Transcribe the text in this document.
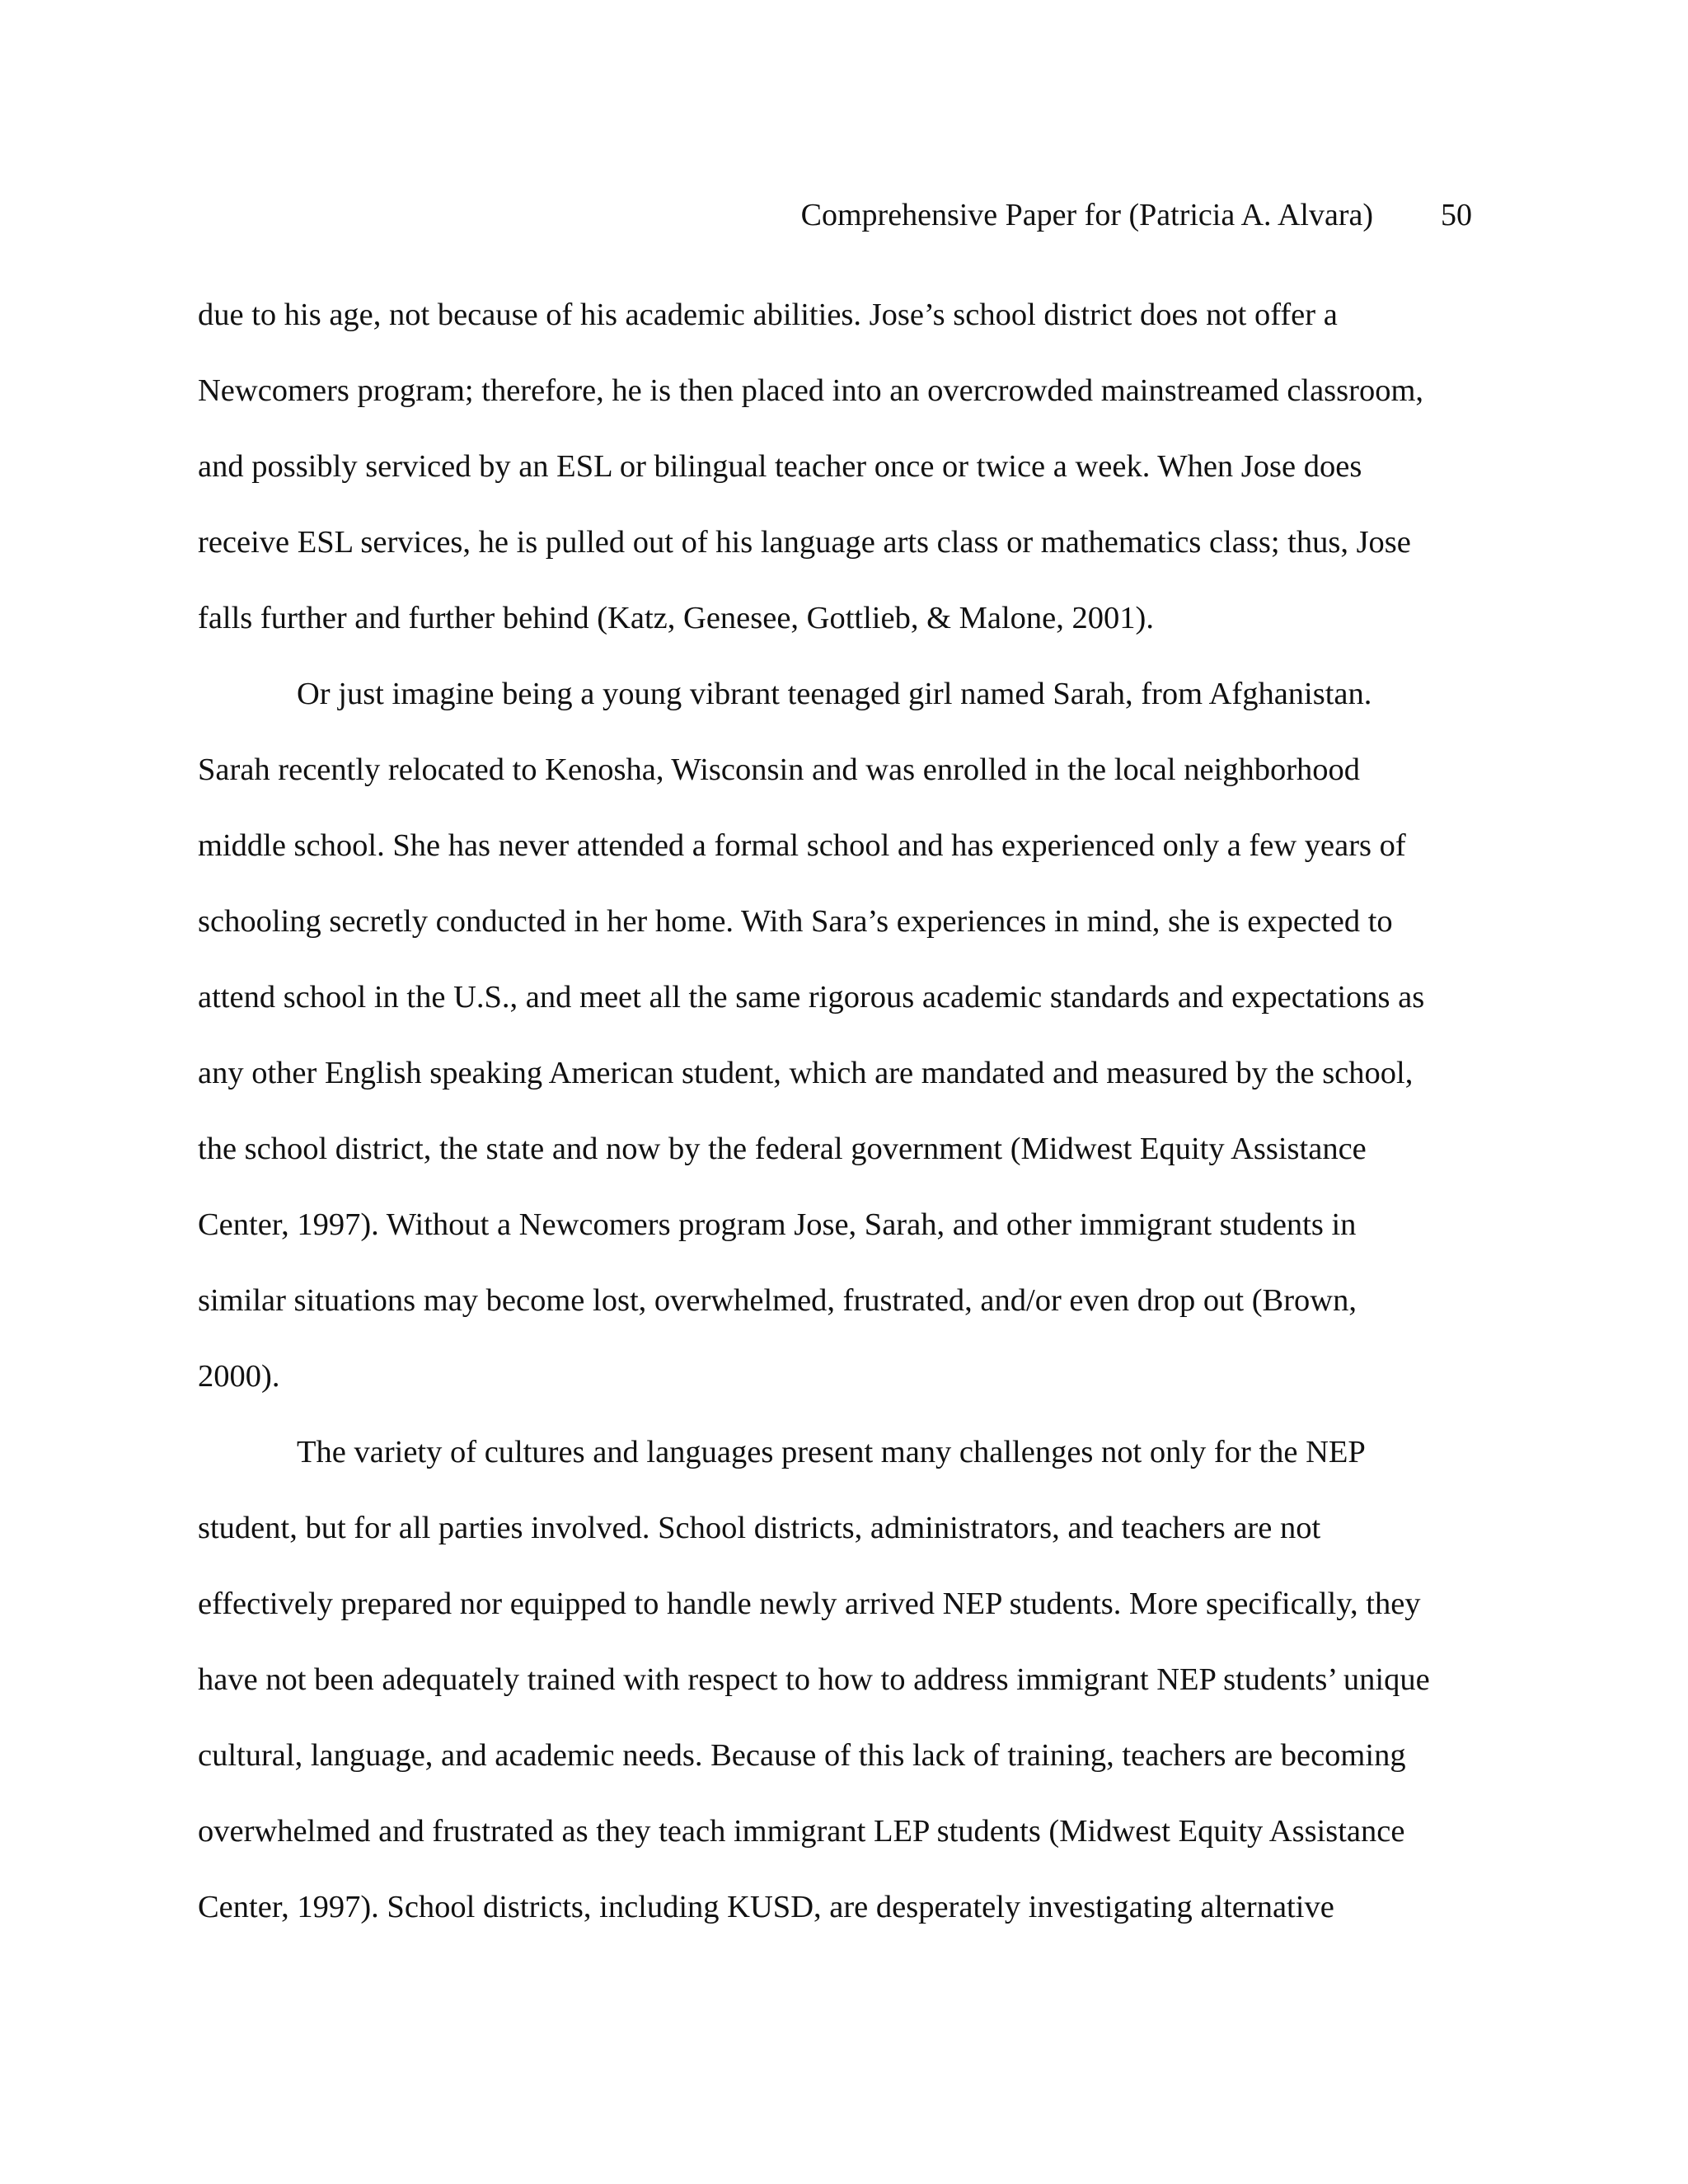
Comprehensive Paper for (Patricia A. Alvara) 50
due to his age, not because of his academic abilities. Jose’s school district does not offer a
Newcomers program; therefore, he is then placed into an overcrowded mainstreamed classroom,
and possibly serviced by an ESL or bilingual teacher once or twice a week. When Jose does
receive ESL services, he is pulled out of his language arts class or mathematics class; thus, Jose
falls further and further behind (Katz, Genesee, Gottlieb, & Malone, 2001).
Or just imagine being a young vibrant teenaged girl named Sarah, from Afghanistan.
Sarah recently relocated to Kenosha, Wisconsin and was enrolled in the local neighborhood
middle school. She has never attended a formal school and has experienced only a few years of
schooling secretly conducted in her home. With Sara’s experiences in mind, she is expected to
attend school in the U.S., and meet all the same rigorous academic standards and expectations as
any other English speaking American student, which are mandated and measured by the school,
the school district, the state and now by the federal government (Midwest Equity Assistance
Center, 1997). Without a Newcomers program Jose, Sarah, and other immigrant students in
similar situations may become lost, overwhelmed, frustrated, and/or even drop out (Brown,
2000).
The variety of cultures and languages present many challenges not only for the NEP
student, but for all parties involved. School districts, administrators, and teachers are not
effectively prepared nor equipped to handle newly arrived NEP students. More specifically, they
have not been adequately trained with respect to how to address immigrant NEP students’ unique
cultural, language, and academic needs. Because of this lack of training, teachers are becoming
overwhelmed and frustrated as they teach immigrant LEP students (Midwest Equity Assistance
Center, 1997). School districts, including KUSD, are desperately investigating alternative
